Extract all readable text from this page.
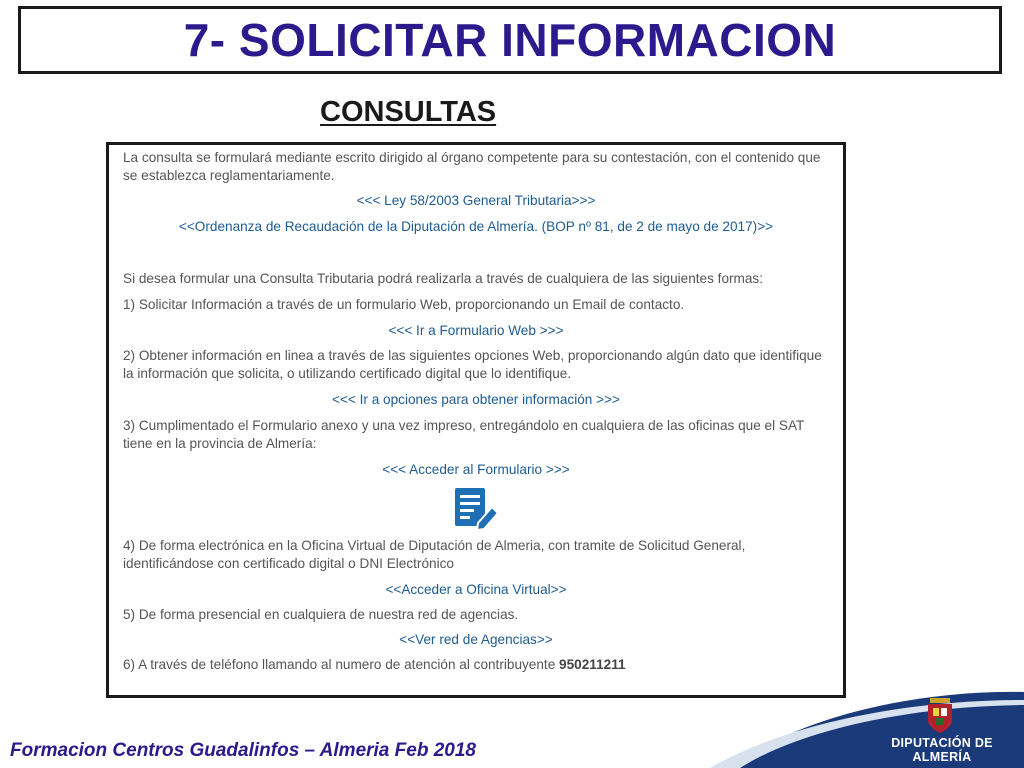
7- SOLICITAR INFORMACION
CONSULTAS

La consulta se formulará mediante escrito dirigido al órgano competente para su contestación, con el contenido que se establezca reglamentariamente.

<<< Ley 58/2003 General Tributaria>>>

<<Ordenanza de Recaudación de la Diputación de Almería. (BOP nº 81, de 2 de mayo de 2017)>>

Si desea formular una Consulta Tributaria podrá realizarla a través de cualquiera de las siguientes formas:

1) Solicitar Información a través de un formulario Web, proporcionando un Email de contacto.

<<< Ir a Formulario Web >>>

2) Obtener información en linea a través de las siguientes opciones Web, proporcionando algún dato que identifique la información que solicita, o utilizando certificado digital que lo identifique.

<<< Ir a opciones para obtener información >>>

3) Cumplimentado el Formulario anexo y una vez impreso, entregándolo en cualquiera de las oficinas que el SAT tiene en la provincia de Almería:

<<< Acceder al Formulario >>>

4) De forma electrónica en la Oficina Virtual de Diputación de Almeria, con tramite de Solicitud General, identificándose con certificado digital o DNI Electrónico

<<Acceder a Oficina Virtual>>

5) De forma presencial en cualquiera de nuestra red de agencias.

<<Ver red de Agencias>>

6) A través de teléfono llamando al numero de atención al contribuyente 950211211

DIPUTACIÓN DE ALMERÍA
Formacion Centros Guadalinfos – Almeria Feb 2018
